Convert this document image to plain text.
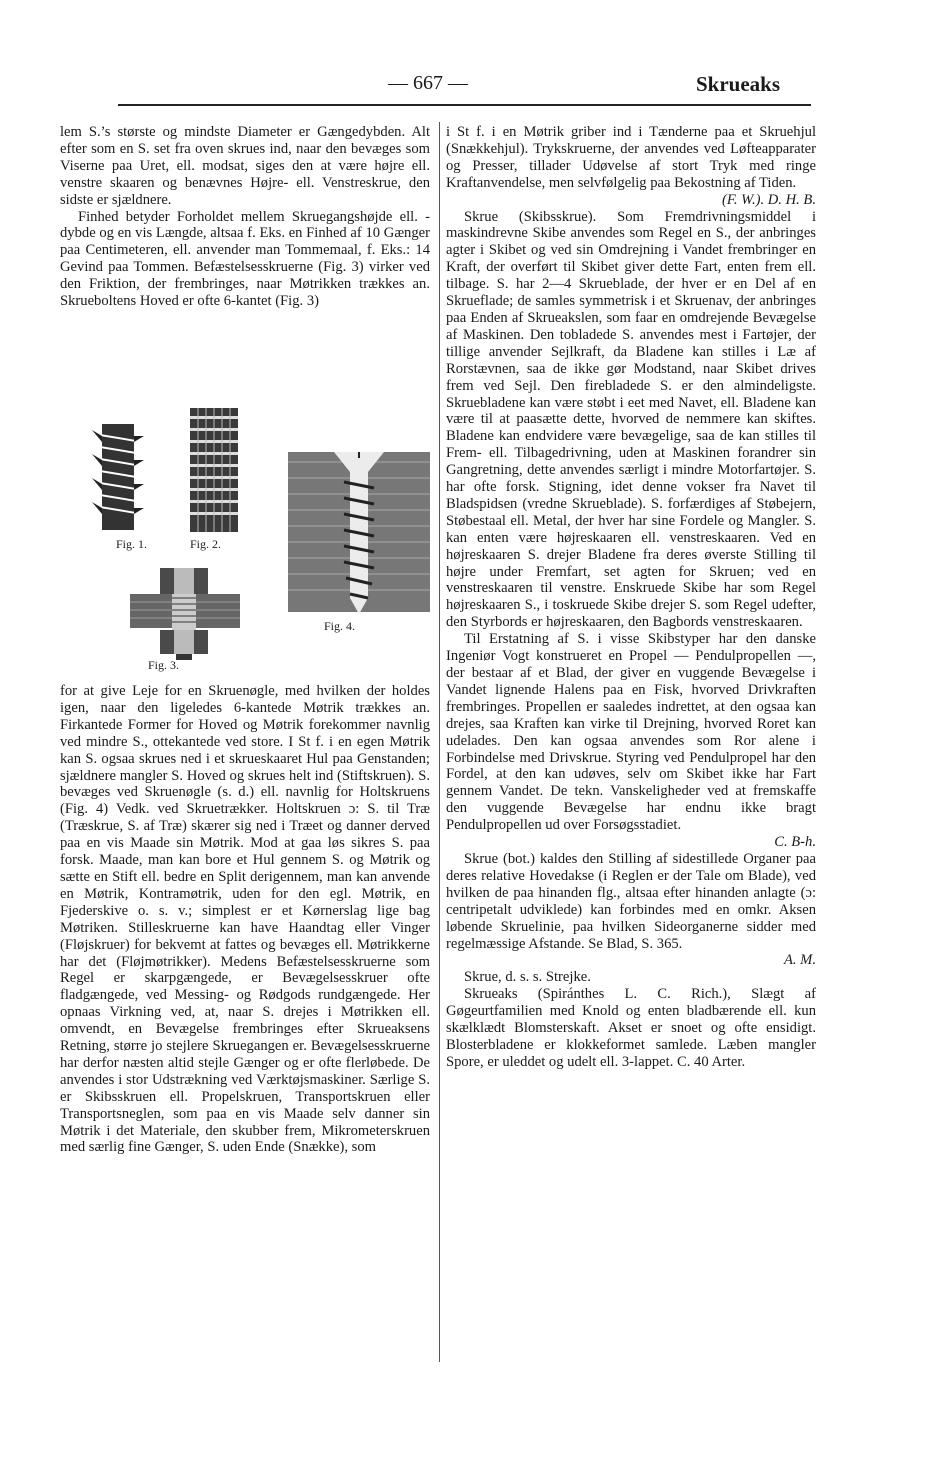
— 667 —	Skrueaks

lem S.’s største og mindste Diameter er Gængedybden. Alt efter som en S. set fra oven skrues ind, naar den bevæges som Viserne paa Uret, ell. modsat, siges den at være højre ell. venstre skaaren og benævnes Højre- ell. Venstreskrue, den sidste er sjældnere.

Finhed betyder Forholdet mellem Skruegangshøjde ell. -dybde og en vis Længde, altsaa f. Eks. en Finhed af 10 Gænger paa Centimeteren, ell. anvender man Tommemaal, f. Eks.: 14 Gevind paa Tommen. Befæstelsesskruerne (Fig. 3) virker ved den Friktion, der frembringes, naar Møtrikken trækkes an. Skrueboltens Hoved er ofte 6-kantet (Fig. 3)

Fig. 1.	Fig. 2.
Fig. 4.
Fig. 3.

for at give Leje for en Skruenøgle, med hvilken der holdes igen, naar den ligeledes 6-kantede Møtrik trækkes an. Firkantede Former for Hoved og Møtrik forekommer navnlig ved mindre S., ottekantede ved store. I St f. i en egen Møtrik kan S. ogsaa skrues ned i et skrueskaaret Hul paa Genstanden; sjældnere mangler S. Hoved og skrues helt ind (Stiftskruen). S. bevæges ved Skruenøgle (s. d.) ell. navnlig for Holtskruens (Fig. 4) Vedk. ved Skruetrækker. Holtskruen ɔ: S. til Træ (Træskrue, S. af Træ) skærer sig ned i Træet og danner derved paa en vis Maade sin Møtrik. Mod at gaa løs sikres S. paa forsk. Maade, man kan bore et Hul gennem S. og Møtrik og sætte en Stift ell. bedre en Split derigennem, man kan anvende en Møtrik, Kontramøtrik, uden for den egl. Møtrik, en Fjederskive o. s. v.; simplest er et Kørnerslag lige bag Møtriken. Stilleskruerne kan have Haandtag eller Vinger (Fløjskruer) for bekvemt at fattes og bevæges ell. Møtrikkerne har det (Fløjmøtrikker). Medens Befæstelsesskruerne som Regel er skarpgængede, er Bevægelsesskruer ofte fladgængede, ved Messing- og Rødgods rundgængede. Her opnaas Virkning ved, at, naar S. drejes i Møtrikken ell. omvendt, en Bevægelse frembringes efter Skrueaksens Retning, større jo stejlere Skruegangen er. Bevægelsesskruerne har derfor næsten altid stejle Gænger og er ofte flerløbede. De anvendes i stor Udstrækning ved Værktøjsmaskiner. Særlige S. er Skibsskruen ell. Propelskruen, Transportskruen eller Transportsneglen, som paa en vis Maade selv danner sin Møtrik i det Materiale, den skubber frem, Mikrometerskruen med særlig fine Gænger, S. uden Ende (Snække), som

i St f. i en Møtrik griber ind i Tænderne paa et Skruehjul (Snækkehjul). Trykskruerne, der anvendes ved Løfteapparater og Presser, tillader Udøvelse af stort Tryk med ringe Kraftanvendelse, men selvfølgelig paa Bekostning af Tiden.

(F. W.). D. H. B.

Skrue (Skibsskrue). Som Fremdrivningsmiddel i maskindrevne Skibe anvendes som Regel en S., der anbringes agter i Skibet og ved sin Omdrejning i Vandet frembringer en Kraft, der overført til Skibet giver dette Fart, enten frem ell. tilbage. S. har 2—4 Skrueblade, der hver er en Del af en Skrueflade; de samles symmetrisk i et Skruenav, der anbringes paa Enden af Skrueakslen, som faar en omdrejende Bevægelse af Maskinen. Den tobladede S. anvendes mest i Fartøjer, der tillige anvender Sejlkraft, da Bladene kan stilles i Læ af Rorstævnen, saa de ikke gør Modstand, naar Skibet drives frem ved Sejl. Den firebladede S. er den almindeligste. Skruebladene kan være støbt i eet med Navet, ell. Bladene kan være til at paasætte dette, hvorved de nemmere kan skiftes. Bladene kan endvidere være bevægelige, saa de kan stilles til Frem- ell. Tilbagedrivning, uden at Maskinen forandrer sin Gangretning, dette anvendes særligt i mindre Motorfartøjer. S. har ofte forsk. Stigning, idet denne vokser fra Navet til Bladspidsen (vredne Skrueblade). S. forfærdiges af Støbejern, Støbestaal ell. Metal, der hver har sine Fordele og Mangler. S. kan enten være højreskaaren ell. venstreskaaren. Ved en højreskaaren S. drejer Bladene fra deres øverste Stilling til højre under Fremfart, set agten for Skruen; ved en venstreskaaren til venstre. Enskruede Skibe har som Regel højreskaaren S., i toskruede Skibe drejer S. som Regel udefter, den Styrbords er højreskaaren, den Bagbords venstreskaaren.

Til Erstatning af S. i visse Skibstyper har den danske Ingeniør Vogt konstrueret en Propel — Pendulpropellen —, der bestaar af et Blad, der giver en vuggende Bevægelse i Vandet lignende Halens paa en Fisk, hvorved Drivkraften frembringes. Propellen er saaledes indrettet, at den ogsaa kan drejes, saa Kraften kan virke til Drejning, hvorved Roret kan udelades. Den kan ogsaa anvendes som Ror alene i Forbindelse med Drivskrue. Styring ved Pendulpropel har den Fordel, at den kan udøves, selv om Skibet ikke har Fart gennem Vandet. De tekn. Vanskeligheder ved at fremskaffe den vuggende Bevægelse har endnu ikke bragt Pendulpropellen ud over Forsøgsstadiet.

C. B-h.

Skrue (bot.) kaldes den Stilling af sidestillede Organer paa deres relative Hovedakse (i Reglen er der Tale om Blade), ved hvilken de paa hinanden flg., altsaa efter hinanden anlagte (ɔ: centripetalt udviklede) kan forbindes med en omkr. Aksen løbende Skruelinie, paa hvilken Sideorganerne sidder med regelmæssige Afstande. Se Blad, S. 365.

A. M.

Skrue, d. s. s. Strejke.

Skrueaks (Spiránthes L. C. Rich.), Slægt af Gøgeurtfamilien med Knold og enten bladbærende ell. kun skælklædt Blomsterskaft. Akset er snoet og ofte ensidigt. Blosterbladene er klokkeformet samlede. Læben mangler Spore, er uleddet og udelt ell. 3-lappet. C. 40 Arter.
